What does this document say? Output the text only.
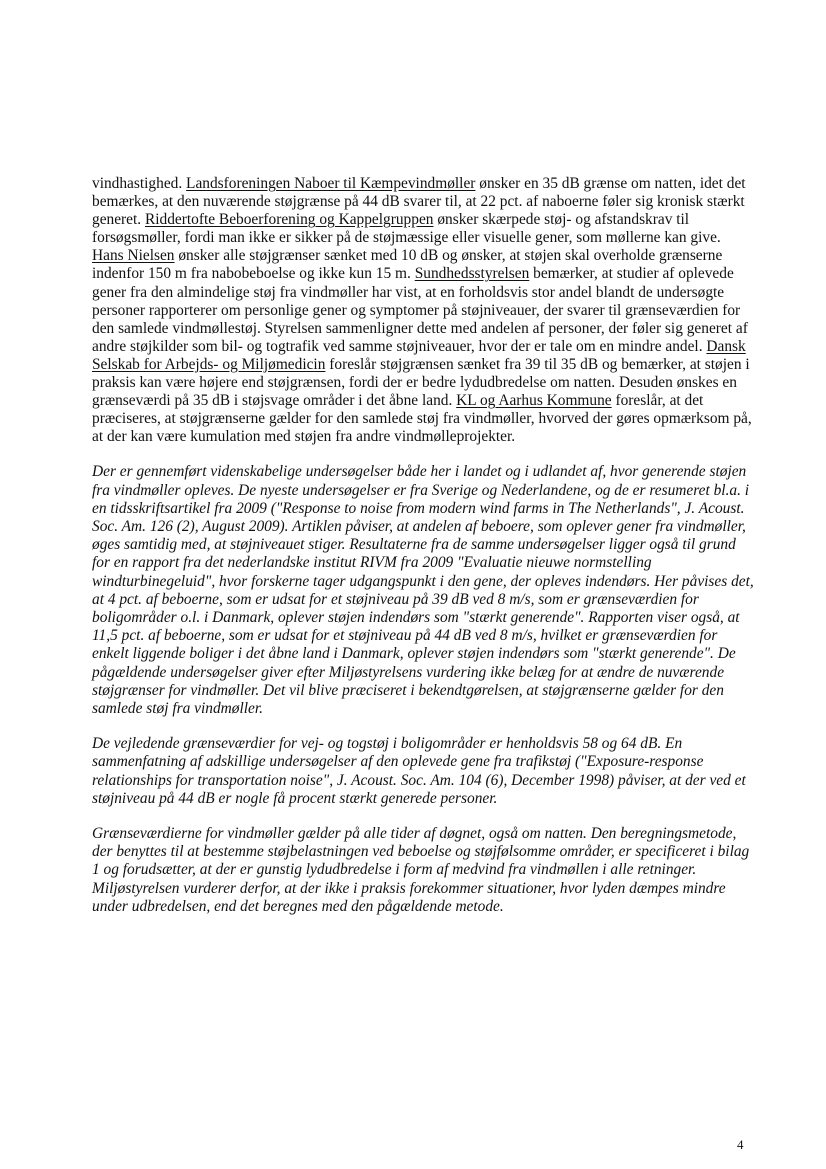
vindhastighed. Landsforeningen Naboer til Kæmpevindmøller ønsker en 35 dB grænse om natten, idet det bemærkes, at den nuværende støjgrænse på 44 dB svarer til, at 22 pct. af naboerne føler sig kronisk stærkt generet. Riddertofte Beboerforening og Kappelgruppen ønsker skærpede støj- og afstandskrav til forsøgsmøller, fordi man ikke er sikker på de støjmæssige eller visuelle gener, som møllerne kan give. Hans Nielsen ønsker alle støjgrænser sænket med 10 dB og ønsker, at støjen skal overholde grænserne indenfor 150 m fra nabobeboelse og ikke kun 15 m. Sundhedsstyrelsen bemærker, at studier af oplevede gener fra den almindelige støj fra vindmøller har vist, at en forholdsvis stor andel blandt de undersøgte personer rapporterer om personlige gener og symptomer på støjniveauer, der svarer til grænseværdien for den samlede vindmøllestøj. Styrelsen sammenligner dette med andelen af personer, der føler sig generet af andre støjkilder som bil- og togtrafik ved samme støjniveauer, hvor der er tale om en mindre andel. Dansk Selskab for Arbejds- og Miljømedicin foreslår støjgrænsen sænket fra 39 til 35 dB og bemærker, at støjen i praksis kan være højere end støjgrænsen, fordi der er bedre lydudbredelse om natten. Desuden ønskes en grænseværdi på 35 dB i støjsvage områder i det åbne land. KL og Aarhus Kommune foreslår, at det præciseres, at støjgrænserne gælder for den samlede støj fra vindmøller, hvorved der gøres opmærksom på, at der kan være kumulation med støjen fra andre vindmølleprojekter.

Der er gennemført videnskabelige undersøgelser både her i landet og i udlandet af, hvor generende støjen fra vindmøller opleves. De nyeste undersøgelser er fra Sverige og Nederlandene, og de er resumeret bl.a. i en tidsskriftsartikel fra 2009 ("Response to noise from modern wind farms in The Netherlands", J. Acoust. Soc. Am. 126 (2), August 2009). Artiklen påviser, at andelen af beboere, som oplever gener fra vindmøller, øges samtidig med, at støjniveauet stiger. Resultaterne fra de samme undersøgelser ligger også til grund for en rapport fra det nederlandske institut RIVM fra 2009 "Evaluatie nieuwe normstelling windturbinegeluid", hvor forskerne tager udgangspunkt i den gene, der opleves indendørs. Her påvises det, at 4 pct. af beboerne, som er udsat for et støjniveau på 39 dB ved 8 m/s, som er grænseværdien for boligområder o.l. i Danmark, oplever støjen indendørs som "stærkt generende". Rapporten viser også, at 11,5 pct. af beboerne, som er udsat for et støjniveau på 44 dB ved 8 m/s, hvilket er grænseværdien for enkelt liggende boliger i det åbne land i Danmark, oplever støjen indendørs som "stærkt generende". De pågældende undersøgelser giver efter Miljøstyrelsens vurdering ikke belæg for at ændre de nuværende støjgrænser for vindmøller. Det vil blive præciseret i bekendtgørelsen, at støjgrænserne gælder for den samlede støj fra vindmøller.

De vejledende grænseværdier for vej- og togstøj i boligområder er henholdsvis 58 og 64 dB. En sammenfatning af adskillige undersøgelser af den oplevede gene fra trafikstøj ("Exposure-response relationships for transportation noise", J. Acoust. Soc. Am. 104 (6), December 1998) påviser, at der ved et støjniveau på 44 dB er nogle få procent stærkt generede personer.

Grænseværdierne for vindmøller gælder på alle tider af døgnet, også om natten. Den beregningsmetode, der benyttes til at bestemme støjbelastningen ved beboelse og støjfølsomme områder, er specificeret i bilag 1 og forudsætter, at der er gunstig lydudbredelse i form af medvind fra vindmøllen i alle retninger. Miljøstyrelsen vurderer derfor, at der ikke i praksis forekommer situationer, hvor lyden dæmpes mindre under udbredelsen, end det beregnes med den pågældende metode.

4
